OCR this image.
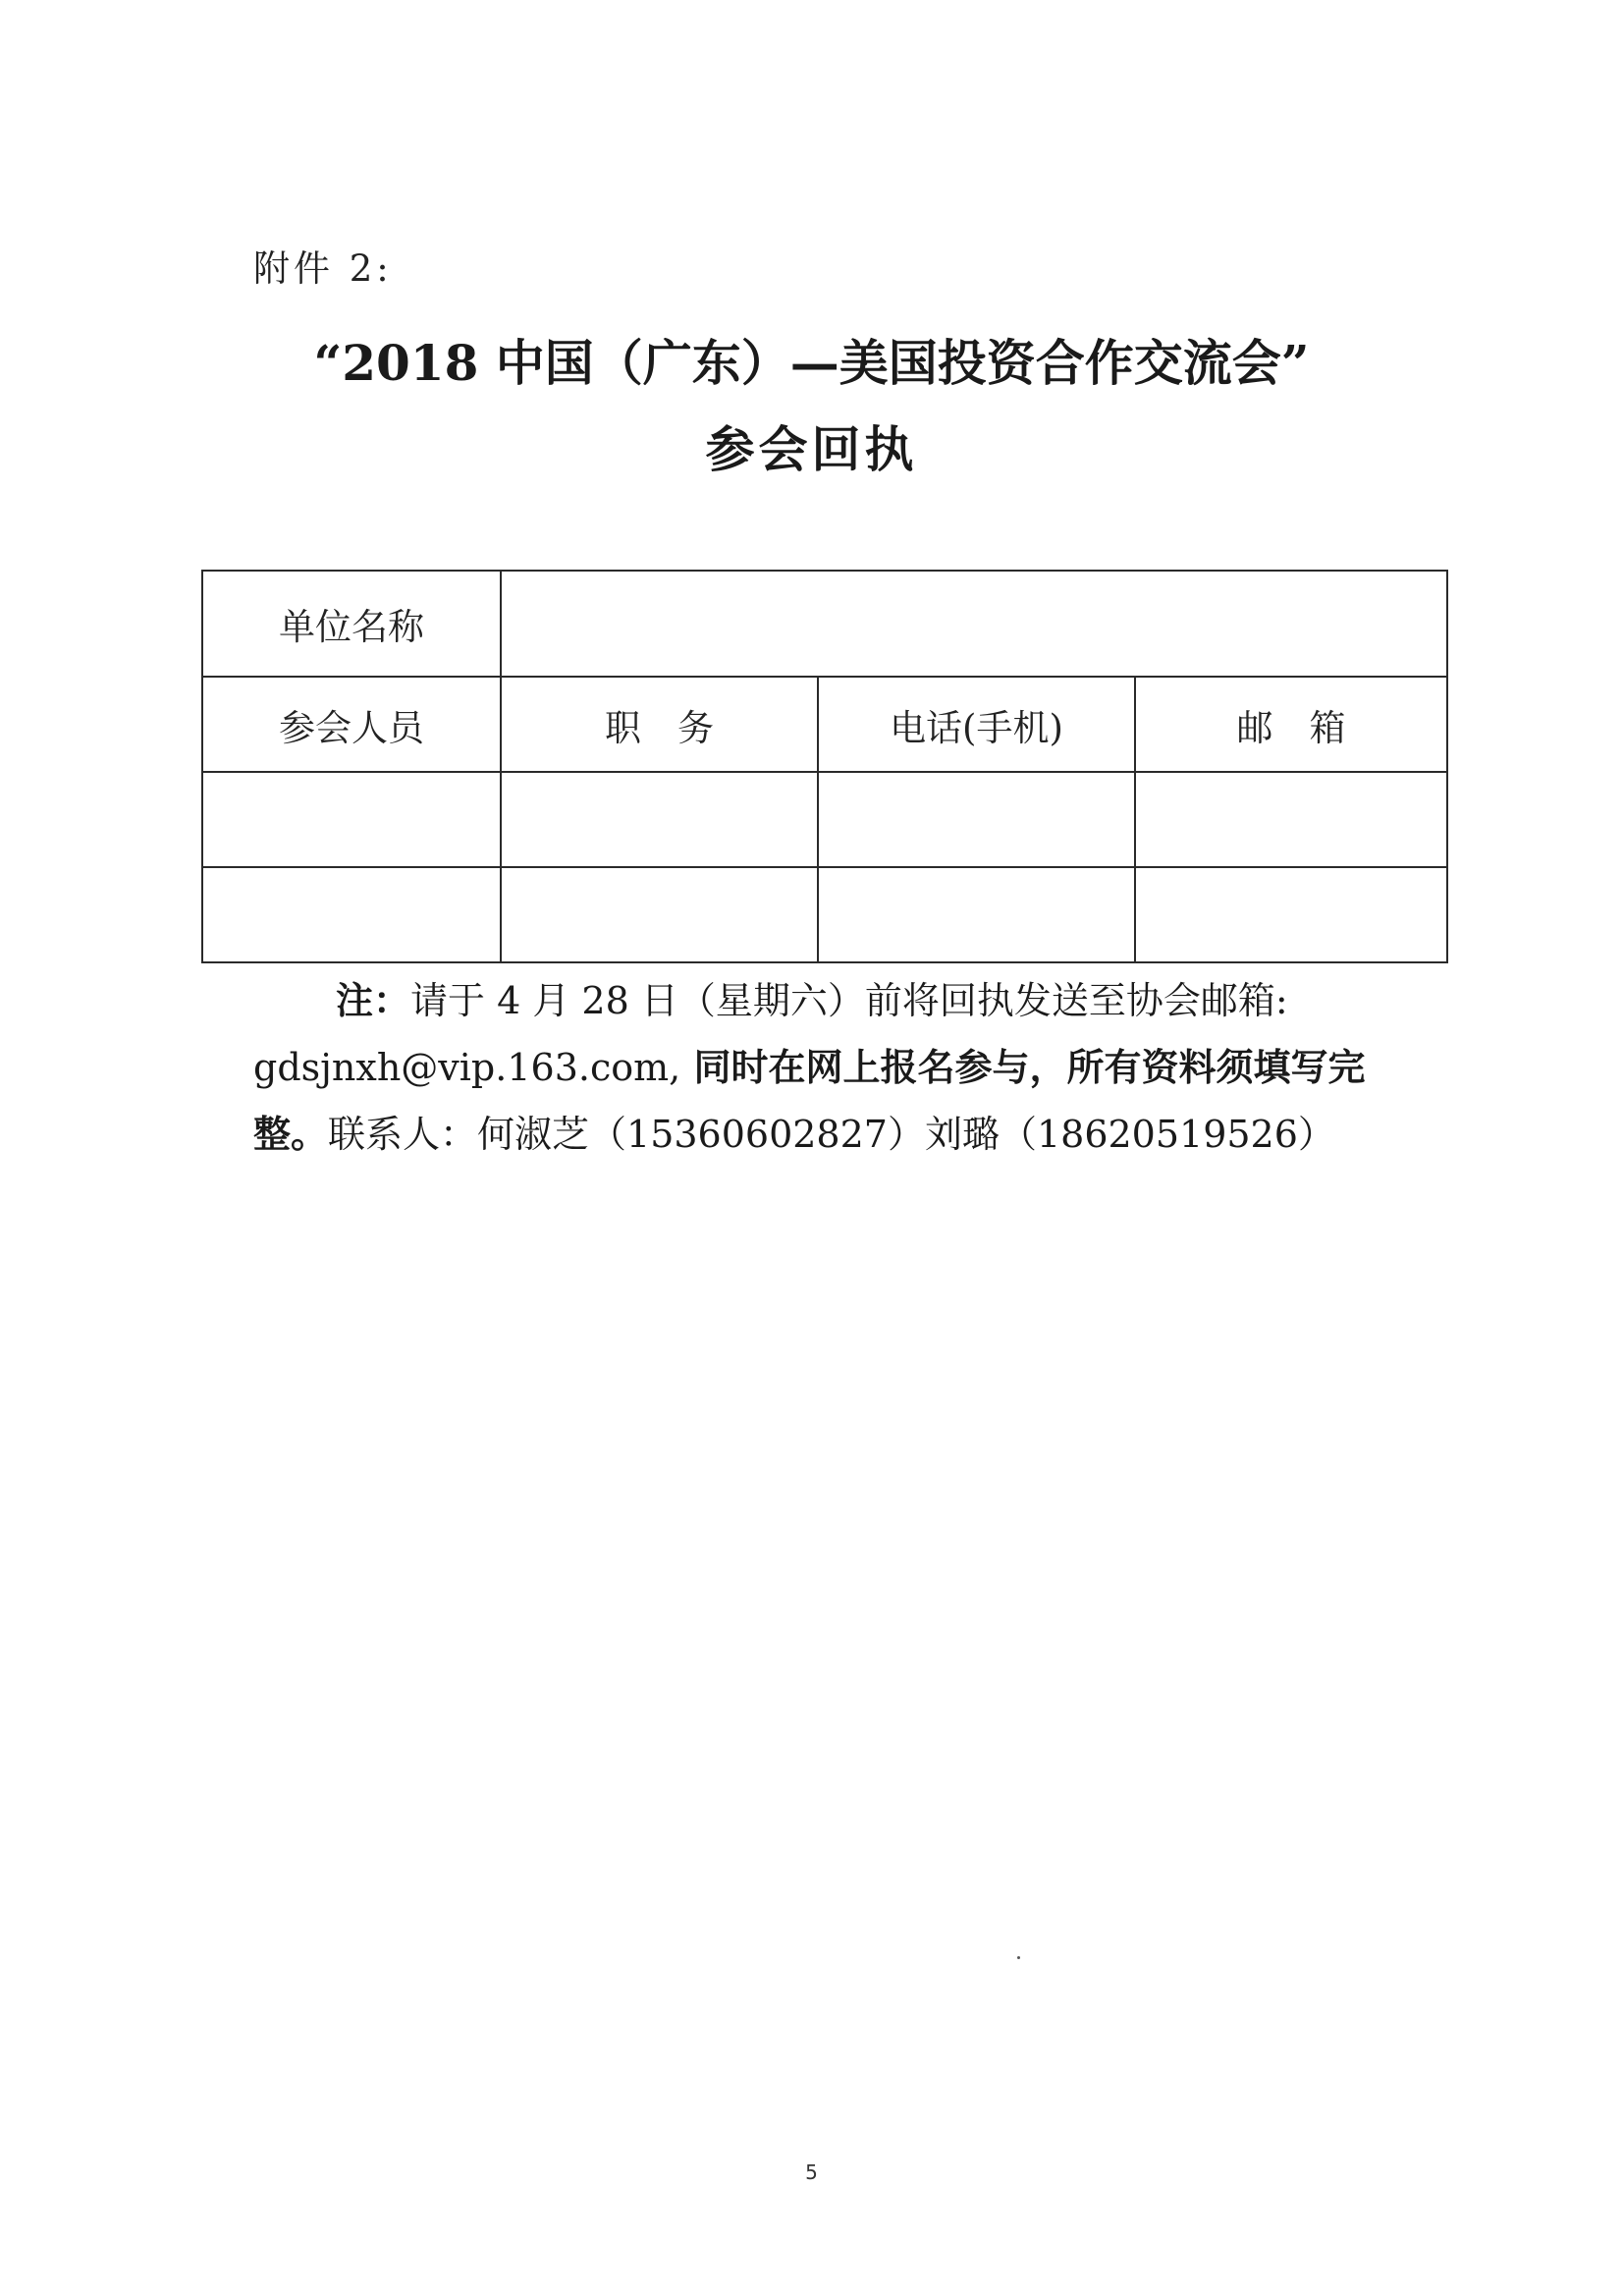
附件 2:
“2018 中国（广东）—美国投资合作交流会”
参会回执
单位名称			
参会人员	职　务	电话(手机)	邮　箱

注：请于 4 月 28 日（星期六）前将回执发送至协会邮箱:

gdsjnxh@vip.163.com, 同时在网上报名参与，所有资料须填写完

整。联系人：何淑芝（15360602827）刘璐（18620519526）

5
